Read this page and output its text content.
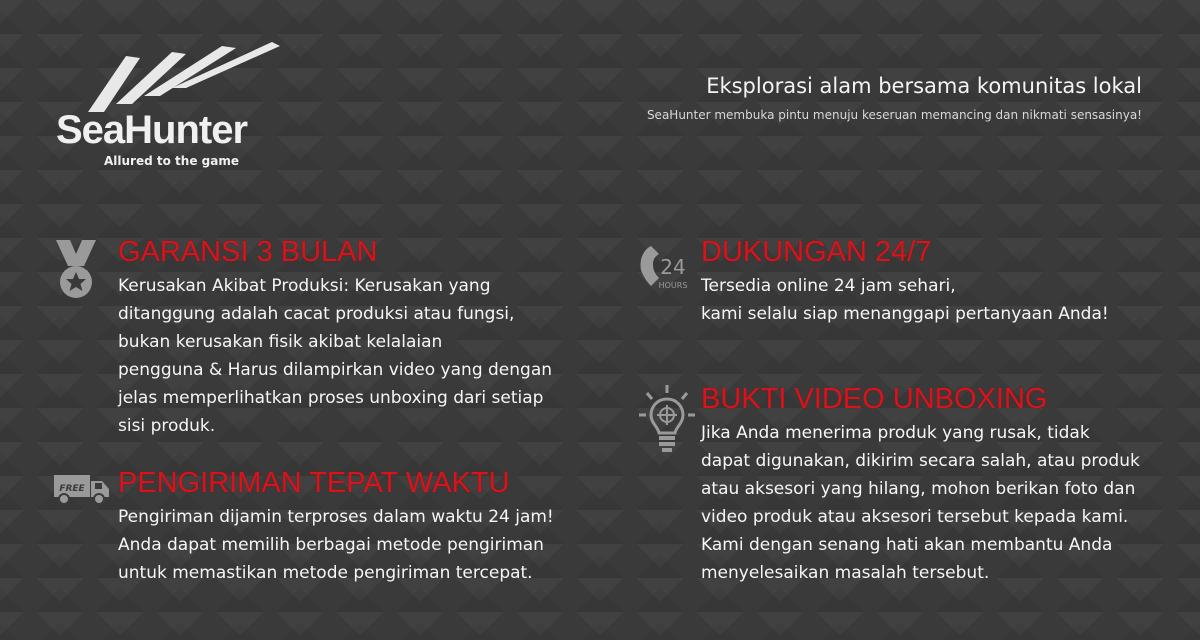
SeaHunter
Allured to the game
Eksplorasi alam bersama komunitas lokal
SeaHunter membuka pintu menuju keseruan memancing dan nikmati sensasinya!
GARANSI 3 BULAN
Kerusakan Akibat Produksi: Kerusakan yang
ditanggung adalah cacat produksi atau fungsi,
bukan kerusakan fisik akibat kelalaian
pengguna & Harus dilampirkan video yang dengan
jelas memperlihatkan proses unboxing dari setiap
sisi produk.
FREE PENGIRIMAN TEPAT WAKTU
Pengiriman dijamin terproses dalam waktu 24 jam!
Anda dapat memilih berbagai metode pengiriman
untuk memastikan metode pengiriman tercepat.
24
HOURS
DUKUNGAN 24/7
Tersedia online 24 jam sehari,
kami selalu siap menanggapi pertanyaan Anda!
BUKTI VIDEO UNBOXING
Jika Anda menerima produk yang rusak, tidak
dapat digunakan, dikirim secara salah, atau produk
atau aksesori yang hilang, mohon berikan foto dan
video produk atau aksesori tersebut kepada kami.
Kami dengan senang hati akan membantu Anda
menyelesaikan masalah tersebut.
